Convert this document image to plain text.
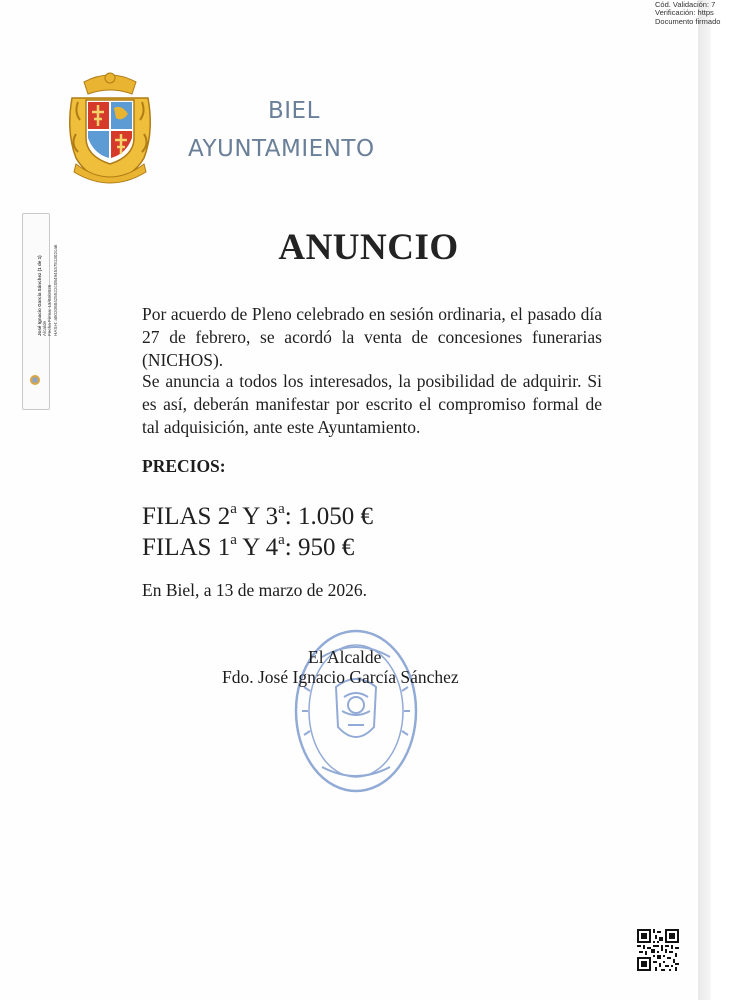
Cód. Validación: 7
Verificación: https
Documento firmado
José Ignacio García Sánchez (1 de 1) Alcalde Fecha Firma: 13/03/2026 HASH: a502068425522c0849453781302ca6
BIEL
AYUNTAMIENTO
ANUNCIO
Por acuerdo de Pleno celebrado en sesión ordinaria, el pasado día 27 de febrero, se acordó la venta de concesiones funerarias (NICHOS).
Se anuncia a todos los interesados, la posibilidad de adquirir. Si es así, deberán manifestar por escrito el compromiso formal de tal adquisición, ante este Ayuntamiento.
PRECIOS:
FILAS 2$^a$ Y 3$^a$: 1.050 €
FILAS 1$^a$ Y 4$^a$: 950 €
En Biel, a 13 de marzo de 2026.
El Alcalde
Fdo. José Ignacio García Sánchez
